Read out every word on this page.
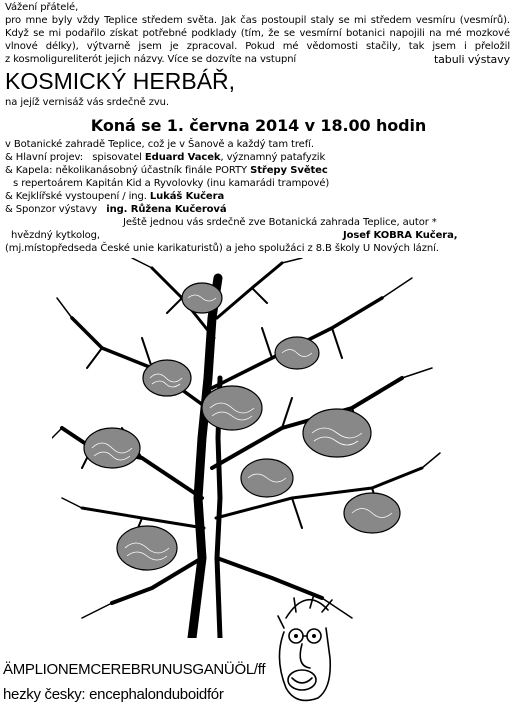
Vážení přátelé,
pro mne byly vždy Teplice středem světa. Jak čas postoupil staly se mi středem vesmíru (vesmírů).
Když se mi podařilo získat potřebné podklady (tím, že se vesmírní botanici napojili na mé mozkové
vlnové délky), výtvarně jsem je zpracoval. Pokud mé vědomosti stačily, tak jsem i přeložil
z kosmoligureliterót jejich názvy. Více se dozvíte na vstupní	tabuli výstavy
KOSMICKÝ HERBÁŘ,
na jejíž vernisáž vás srdečně zvu.
Koná se 1. června 2014 v 18.00 hodin
v Botanické zahradě Teplice, což je v Šanově a každý tam trefí.
& Hlavní projev:   spisovatel Eduard Vacek, významný patafyzik
& Kapela: několikanásobný účastník finále PORTY Střepy Světec
s repertoárem Kapitán Kid a Ryvolovky (inu kamarádi trampové)
& Kejklířské vystoupení / ing. Lukáš Kučera
& Sponzor výstavy   ing. Růžena Kučerová
Ještě jednou vás srdečně zve Botanická zahrada Teplice, autor *
hvězdný kytkolog,	Josef KOBRA Kučera,
(mj.místopředseda České unie karikaturistů) a jeho spolužáci z 8.B školy U Nových lázní.
ÄMPLIONEMCEREBRUNUSGANÜÖL/ff
hezky česky: encephalonduboidfór
